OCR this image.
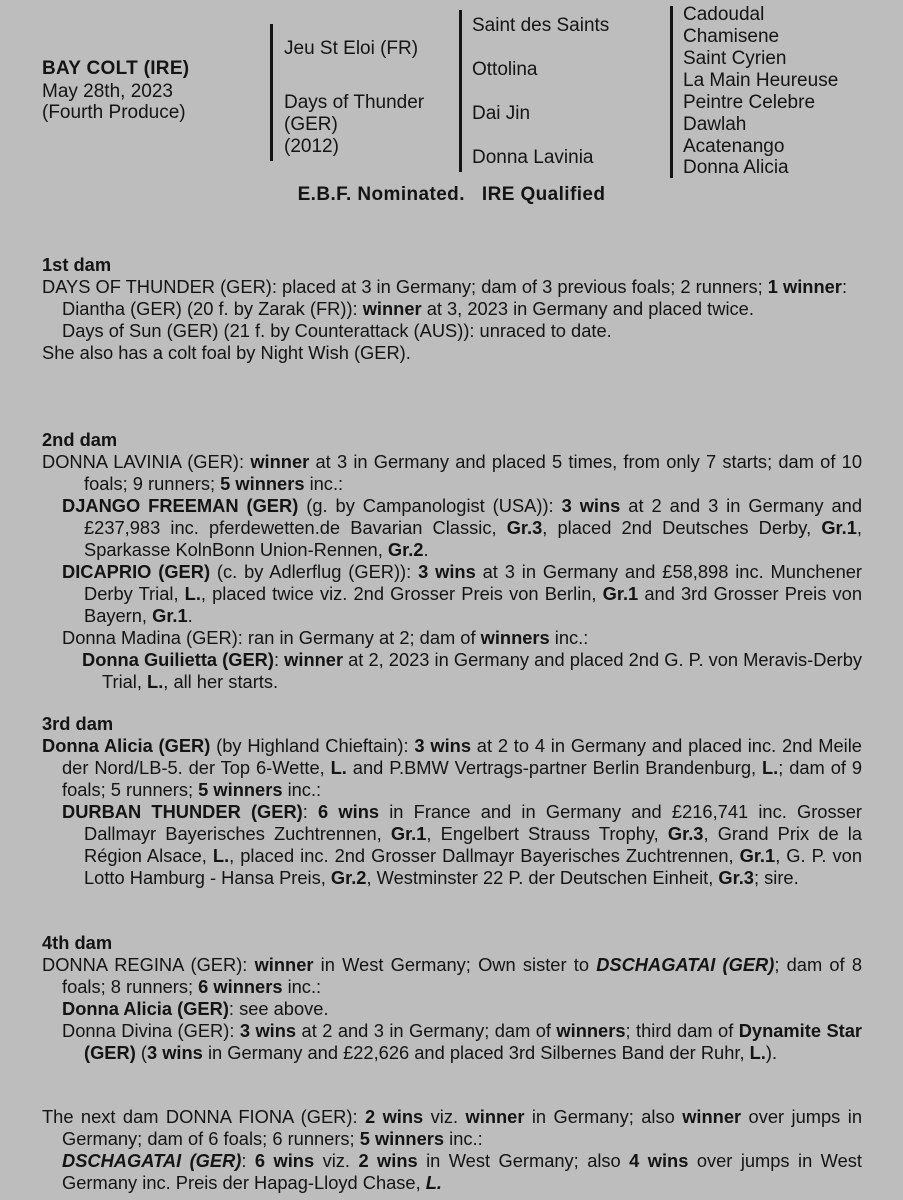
BAY COLT (IRE)
May 28th, 2023
(Fourth Produce)
Jeu St Eloi (FR)
Days of Thunder
(GER)
(2012)
Saint des Saints
Ottolina
Dai Jin
Donna Lavinia
Cadoudal
Chamisene
Saint Cyrien
La Main Heureuse
Peintre Celebre
Dawlah
Acatenango
Donna Alicia
E.B.F. Nominated. IRE Qualified
1st dam
DAYS OF THUNDER (GER): placed at 3 in Germany; dam of 3 previous foals; 2 runners; 1 winner:
Diantha (GER) (20 f. by Zarak (FR)): winner at 3, 2023 in Germany and placed twice.
Days of Sun (GER) (21 f. by Counterattack (AUS)): unraced to date.
She also has a colt foal by Night Wish (GER).
2nd dam
DONNA LAVINIA (GER): winner at 3 in Germany and placed 5 times, from only 7 starts; dam of 10 foals; 9 runners; 5 winners inc.:
DJANGO FREEMAN (GER) (g. by Campanologist (USA)): 3 wins at 2 and 3 in Germany and £237,983 inc. pferdewetten.de Bavarian Classic, Gr.3, placed 2nd Deutsches Derby, Gr.1, Sparkasse KolnBonn Union-Rennen, Gr.2.
DICAPRIO (GER) (c. by Adlerflug (GER)): 3 wins at 3 in Germany and £58,898 inc. Munchener Derby Trial, L., placed twice viz. 2nd Grosser Preis von Berlin, Gr.1 and 3rd Grosser Preis von Bayern, Gr.1.
Donna Madina (GER): ran in Germany at 2; dam of winners inc.:
Donna Guilietta (GER): winner at 2, 2023 in Germany and placed 2nd G. P. von Meravis-Derby Trial, L., all her starts.
3rd dam
Donna Alicia (GER) (by Highland Chieftain): 3 wins at 2 to 4 in Germany and placed inc. 2nd Meile der Nord/LB-5. der Top 6-Wette, L. and P.BMW Vertrags-partner Berlin Brandenburg, L.; dam of 9 foals; 5 runners; 5 winners inc.:
DURBAN THUNDER (GER): 6 wins in France and in Germany and £216,741 inc. Grosser Dallmayr Bayerisches Zuchtrennen, Gr.1, Engelbert Strauss Trophy, Gr.3, Grand Prix de la Région Alsace, L., placed inc. 2nd Grosser Dallmayr Bayerisches Zuchtrennen, Gr.1, G. P. von Lotto Hamburg - Hansa Preis, Gr.2, Westminster 22 P. der Deutschen Einheit, Gr.3; sire.
4th dam
DONNA REGINA (GER): winner in West Germany; Own sister to DSCHAGATAI (GER); dam of 8 foals; 8 runners; 6 winners inc.:
Donna Alicia (GER): see above.
Donna Divina (GER): 3 wins at 2 and 3 in Germany; dam of winners; third dam of Dynamite Star (GER) (3 wins in Germany and £22,626 and placed 3rd Silbernes Band der Ruhr, L.).
The next dam DONNA FIONA (GER): 2 wins viz. winner in Germany; also winner over jumps in Germany; dam of 6 foals; 6 runners; 5 winners inc.:
DSCHAGATAI (GER): 6 wins viz. 2 wins in West Germany; also 4 wins over jumps in West Germany inc. Preis der Hapag-Lloyd Chase, L.
